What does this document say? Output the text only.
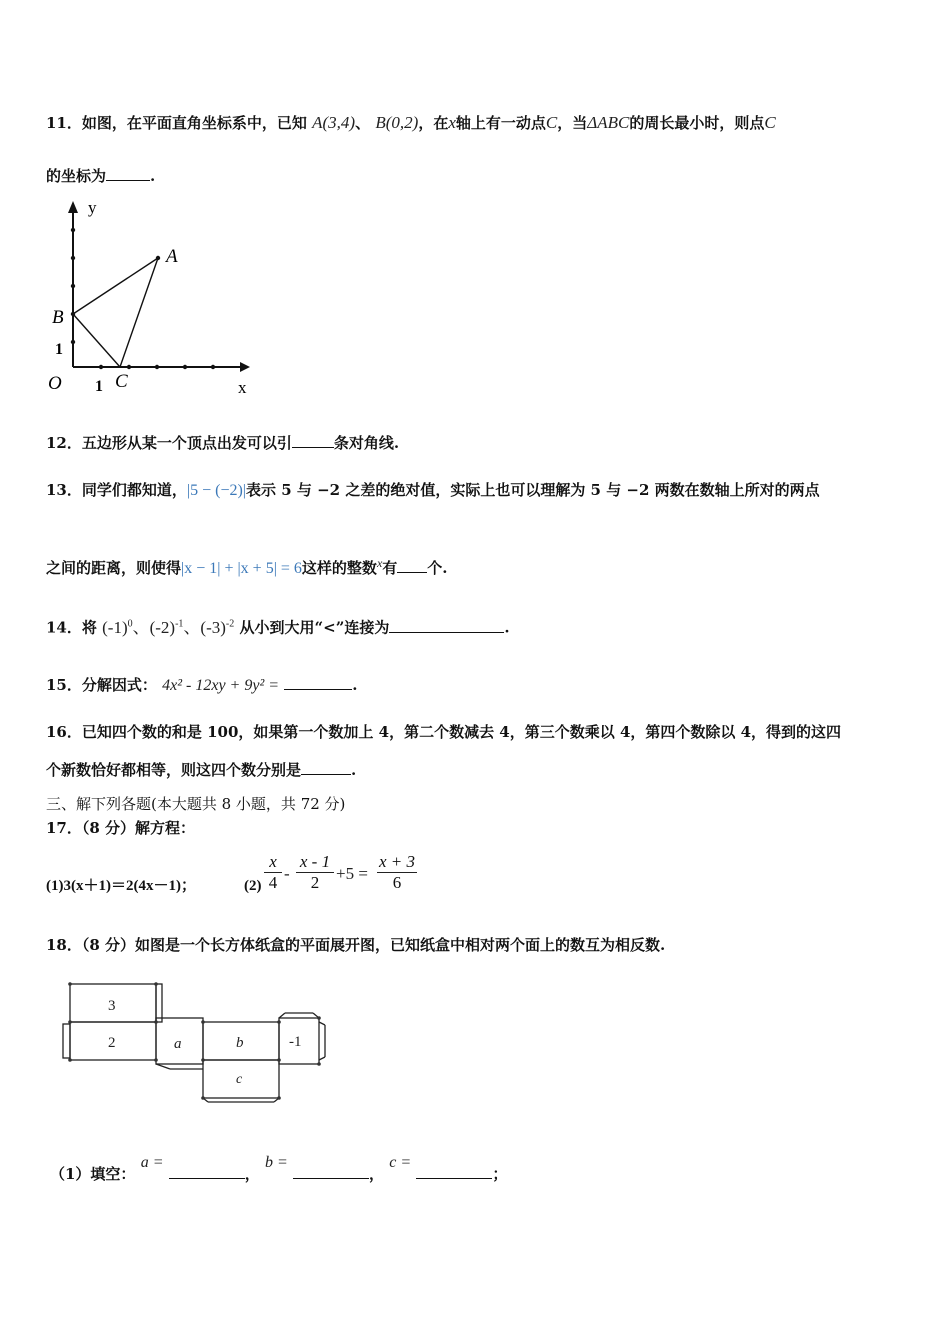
11．如图，在平面直角坐标系中，已知 A(3,4)、 B(0,2)，在x轴上有一动点C，当ΔABC的周长最小时，则点C
的坐标为	.
y
x
A
B
C
O 1
1
12．五边形从某一个顶点出发可以引	条对角线.
13．同学们都知道，|5 − (−2)|表示 5 与 −2 之差的绝对值，实际上也可以理解为 5 与 −2 两数在数轴上所对的两点
之间的距离，则使得|x − 1| + |x + 5| = 6这样的整数$^x$有 个.
14．将 $(-1)^0$、$(-2)^{-1}$、$(-3)^{-2}$ 从小到大用“<”连接为	.
15．分解因式： 4x² - 12xy + 9y² =	.
16．已知四个数的和是 100，如果第一个数加上 4，第二个数减去 4，第三个数乘以 4，第四个数除以 4，得到的这四
个新数恰好都相等，则这四个数分别是	.
三、解下列各题(本大题共 8 小题，共 72 分)
17．（8 分）解方程：
(1)3(x＋1)＝2(4x－1)；	$(2) \frac{x}{4} - \frac{x - 1}{2} +5 = \frac{x + 3}{6}$
18．（8 分）如图是一个长方体纸盒的平面展开图，已知纸盒中相对两个面上的数互为相反数.
3
2	a	b
c
-1
（1）填空： a = ， b = ， c = ；
